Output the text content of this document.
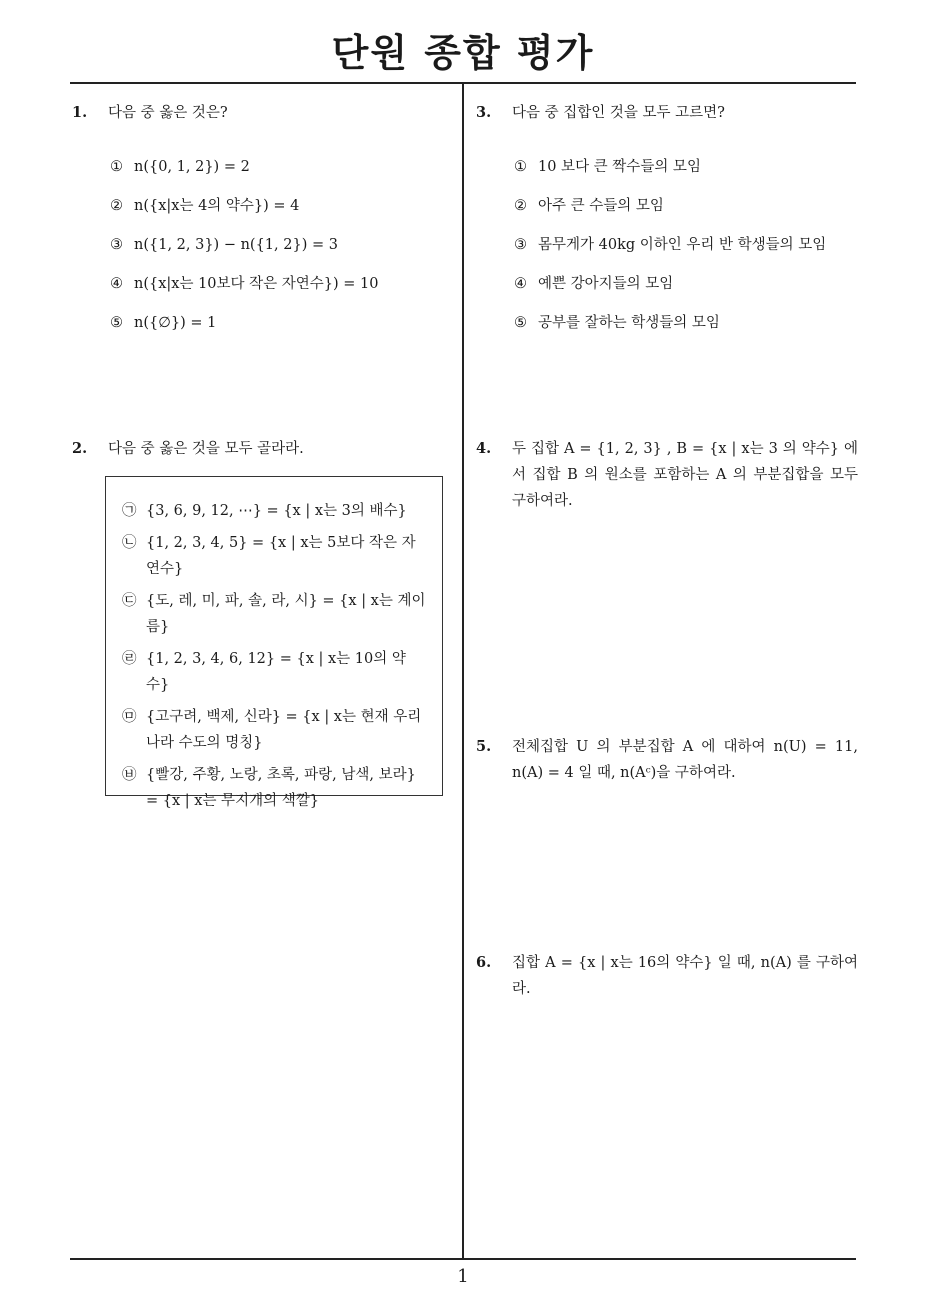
단원 종합 평가
1.	다음 중 옳은 것은?
① n({0, 1, 2}) = 2
② n({x|x는 4의 약수}) = 4
③ n({1, 2, 3}) − n({1, 2}) = 3
④ n({x|x는 10보다 작은 자연수}) = 10
⑤ n({∅}) = 1
2.	다음 중 옳은 것을 모두 골라라.
㉠ {3, 6, 9, 12, ⋯} = {x | x는 3의 배수}
㉡ {1, 2, 3, 4, 5} = {x | x는 5보다 작은 자연수}
㉢ {도, 레, 미, 파, 솔, 라, 시} = {x | x는 계이름}
㉣ {1, 2, 3, 4, 6, 12} = {x | x는 10의 약수}
㉤ {고구려, 백제, 신라} = {x | x는 현재 우리나라 수도의 명칭}
㉥ {빨강, 주황, 노랑, 초록, 파랑, 남색, 보라} = {x | x는 무지개의 색깔}
3.	다음 중 집합인 것을 모두 고르면?
① 10 보다 큰 짝수들의 모임
② 아주 큰 수들의 모임
③ 몸무게가 40kg 이하인 우리 반 학생들의 모임
④ 예쁜 강아지들의 모임
⑤ 공부를 잘하는 학생들의 모임
4.	두 집합 A = {1, 2, 3} , B = {x | x는 3 의 약수} 에서 집합 B 의 원소를 포함하는 A 의 부분집합을 모두 구하여라.
5.	전체집합 U 의 부분집합 A 에 대하여 n(U) = 11, n(A) = 4 일 때, n(Aᶜ)을 구하여라.
6.	집합 A = {x | x는 16의 약수} 일 때, n(A) 를 구하여라.
1
